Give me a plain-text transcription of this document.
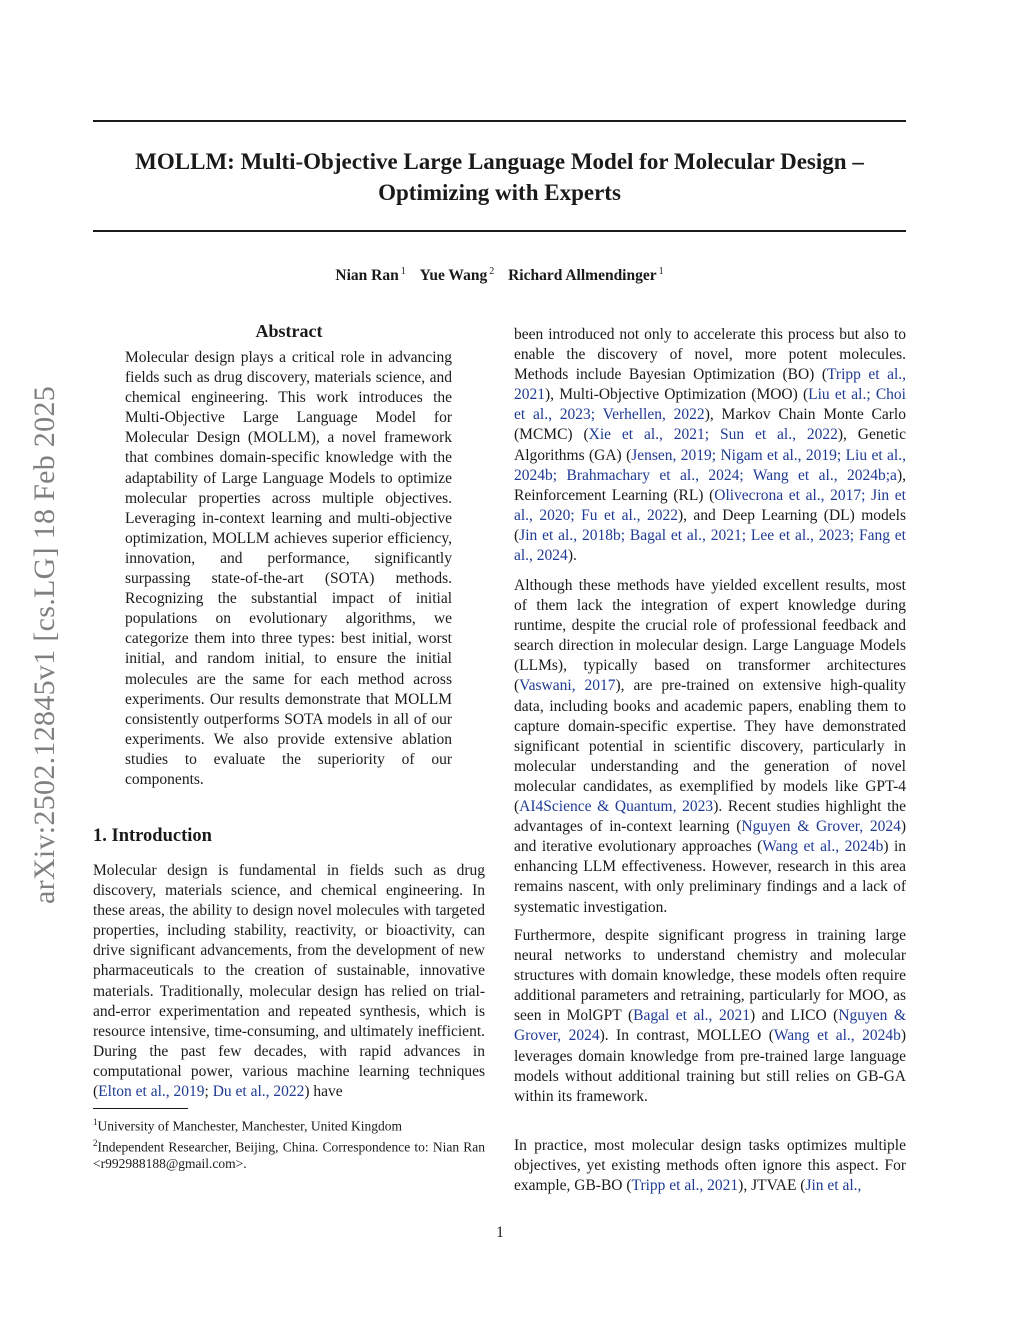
MOLLM: Multi-Objective Large Language Model for Molecular Design –
Optimizing with Experts
Nian Ran $^1$ Yue Wang $^2$ Richard Allmendinger $^1$
arXiv:2502.12845v1 [cs.LG] 18 Feb 2025
Abstract
Molecular design plays a critical role in advancing fields such as drug discovery, materials science, and chemical engineering. This work introduces the Multi-Objective Large Language Model for Molecular Design (MOLLM), a novel framework that combines domain-specific knowledge with the adaptability of Large Language Models to optimize molecular properties across multiple objectives. Leveraging in-context learning and multi-objective optimization, MOLLM achieves superior efficiency, innovation, and performance, significantly surpassing state-of-the-art (SOTA) methods. Recognizing the substantial impact of initial populations on evolutionary algorithms, we categorize them into three types: best initial, worst initial, and random initial, to ensure the initial molecules are the same for each method across experiments. Our results demonstrate that MOLLM consistently outperforms SOTA models in all of our experiments. We also provide extensive ablation studies to evaluate the superiority of our components.
1. Introduction
Molecular design is fundamental in fields such as drug discovery, materials science, and chemical engineering. In these areas, the ability to design novel molecules with targeted properties, including stability, reactivity, or bioactivity, can drive significant advancements, from the development of new pharmaceuticals to the creation of sustainable, innovative materials. Traditionally, molecular design has relied on trial-and-error experimentation and repeated synthesis, which is resource intensive, time-consuming, and ultimately inefficient. During the past few decades, with rapid advances in computational power, various machine learning techniques (Elton et al., 2019; Du et al., 2022) have
$^1$University of Manchester, Manchester, United Kingdom
$^2$Independent Researcher, Beijing, China. Correspondence to: Nian Ran <r992988188@gmail.com>.
been introduced not only to accelerate this process but also to enable the discovery of novel, more potent molecules. Methods include Bayesian Optimization (BO) (Tripp et al., 2021), Multi-Objective Optimization (MOO) (Liu et al.; Choi et al., 2023; Verhellen, 2022), Markov Chain Monte Carlo (MCMC) (Xie et al., 2021; Sun et al., 2022), Genetic Algorithms (GA) (Jensen, 2019; Nigam et al., 2019; Liu et al., 2024b; Brahmachary et al., 2024; Wang et al., 2024b;a), Reinforcement Learning (RL) (Olivecrona et al., 2017; Jin et al., 2020; Fu et al., 2022), and Deep Learning (DL) models (Jin et al., 2018b; Bagal et al., 2021; Lee et al., 2023; Fang et al., 2024).
Although these methods have yielded excellent results, most of them lack the integration of expert knowledge during runtime, despite the crucial role of professional feedback and search direction in molecular design. Large Language Models (LLMs), typically based on transformer architectures (Vaswani, 2017), are pre-trained on extensive high-quality data, including books and academic papers, enabling them to capture domain-specific expertise. They have demonstrated significant potential in scientific discovery, particularly in molecular understanding and the generation of novel molecular candidates, as exemplified by models like GPT-4 (AI4Science & Quantum, 2023). Recent studies highlight the advantages of in-context learning (Nguyen & Grover, 2024) and iterative evolutionary approaches (Wang et al., 2024b) in enhancing LLM effectiveness. However, research in this area remains nascent, with only preliminary findings and a lack of systematic investigation.
Furthermore, despite significant progress in training large neural networks to understand chemistry and molecular structures with domain knowledge, these models often require additional parameters and retraining, particularly for MOO, as seen in MolGPT (Bagal et al., 2021) and LICO (Nguyen & Grover, 2024). In contrast, MOLLEO (Wang et al., 2024b) leverages domain knowledge from pre-trained large language models without additional training but still relies on GB-GA within its framework.
In practice, most molecular design tasks optimizes multiple objectives, yet existing methods often ignore this aspect. For example, GB-BO (Tripp et al., 2021), JTVAE (Jin et al.,
1
